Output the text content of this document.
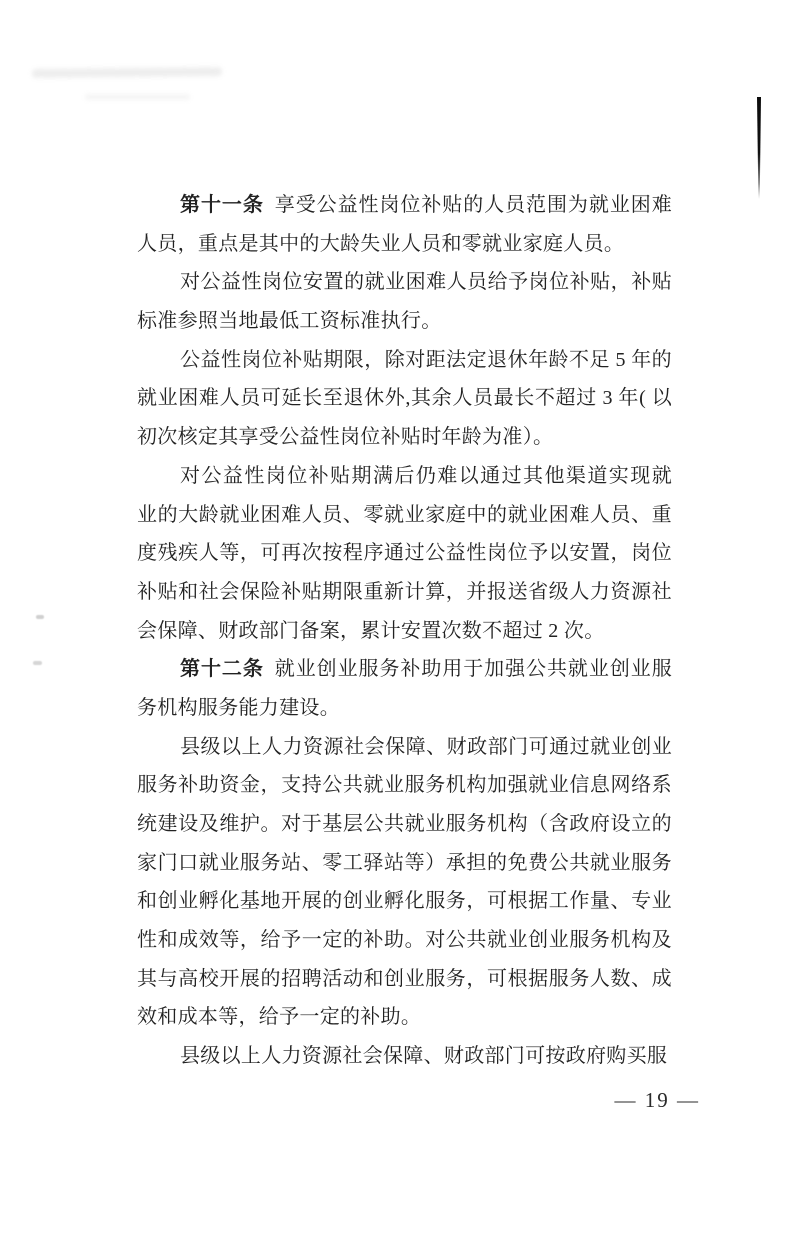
第十一条 享受公益性岗位补贴的人员范围为就业困难
人员，重点是其中的大龄失业人员和零就业家庭人员。
对公益性岗位安置的就业困难人员给予岗位补贴，补贴
标准参照当地最低工资标准执行。
公益性岗位补贴期限，除对距法定退休年龄不足 5 年的
就业困难人员可延长至退休外,其余人员最长不超过 3 年( 以
初次核定其享受公益性岗位补贴时年龄为准）。
对公益性岗位补贴期满后仍难以通过其他渠道实现就
业的大龄就业困难人员、零就业家庭中的就业困难人员、重
度残疾人等，可再次按程序通过公益性岗位予以安置，岗位
补贴和社会保险补贴期限重新计算，并报送省级人力资源社
会保障、财政部门备案，累计安置次数不超过 2 次。
第十二条 就业创业服务补助用于加强公共就业创业服
务机构服务能力建设。
县级以上人力资源社会保障、财政部门可通过就业创业
服务补助资金，支持公共就业服务机构加强就业信息网络系
统建设及维护。对于基层公共就业服务机构（含政府设立的
家门口就业服务站、零工驿站等）承担的免费公共就业服务
和创业孵化基地开展的创业孵化服务，可根据工作量、专业
性和成效等，给予一定的补助。对公共就业创业服务机构及
其与高校开展的招聘活动和创业服务，可根据服务人数、成
效和成本等，给予一定的补助。
县级以上人力资源社会保障、财政部门可按政府购买服
— 19 —
